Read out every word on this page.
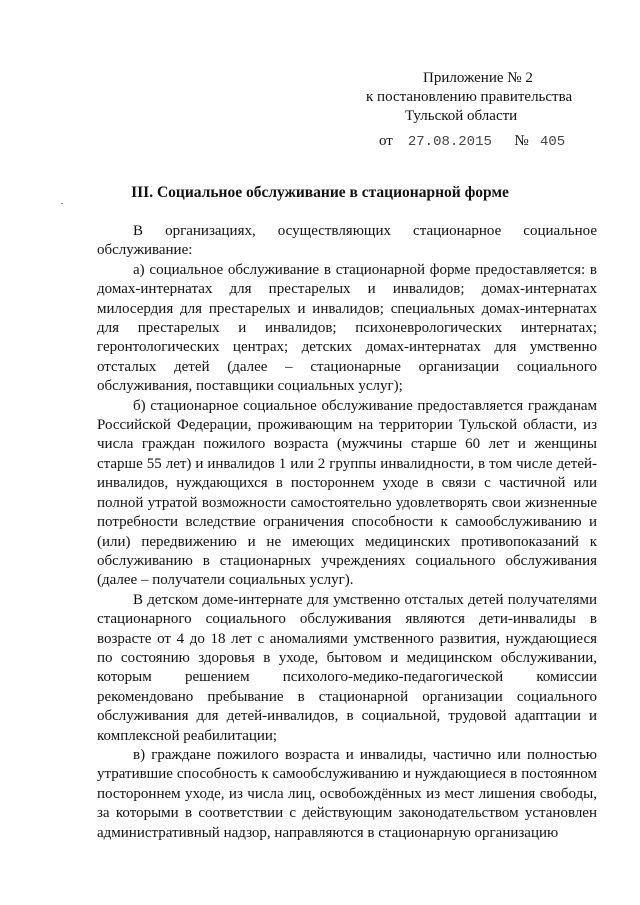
Приложение № 2
к постановлению правительства
Тульской области
от 27.08.2015 № 405
III. Социальное обслуживание в стационарной форме

В организациях, осуществляющих стационарное социальное обслуживание:

а) социальное обслуживание в стационарной форме предоставляется: в домах-интернатах для престарелых и инвалидов; домах-интернатах милосердия для престарелых и инвалидов; специальных домах-интернатах для престарелых и инвалидов; психоневрологических интернатах; геронтологических центрах; детских домах-интернатах для умственно отсталых детей (далее – стационарные организации социального обслуживания, поставщики социальных услуг);

б) стационарное социальное обслуживание предоставляется гражданам Российской Федерации, проживающим на территории Тульской области, из числа граждан пожилого возраста (мужчины старше 60 лет и женщины старше 55 лет) и инвалидов 1 или 2 группы инвалидности, в том числе детей-инвалидов, нуждающихся в постороннем уходе в связи с частичной или полной утратой возможности самостоятельно удовлетворять свои жизненные потребности вследствие ограничения способности к самообслуживанию и (или) передвижению и не имеющих медицинских противопоказаний к обслуживанию в стационарных учреждениях социального обслуживания (далее – получатели социальных услуг).

В детском доме-интернате для умственно отсталых детей получателями стационарного социального обслуживания являются дети-инвалиды в возрасте от 4 до 18 лет с аномалиями умственного развития, нуждающиеся по состоянию здоровья в уходе, бытовом и медицинском обслуживании, которым решением психолого-медико-педагогической комиссии рекомендовано пребывание в стационарной организации социального обслуживания для детей-инвалидов, в социальной, трудовой адаптации и комплексной реабилитации;

в) граждане пожилого возраста и инвалиды, частично или полностью утратившие способность к самообслуживанию и нуждающиеся в постоянном постороннем уходе, из числа лиц, освобождённых из мест лишения свободы, за которыми в соответствии с действующим законодательством установлен административный надзор, направляются в стационарную организацию
